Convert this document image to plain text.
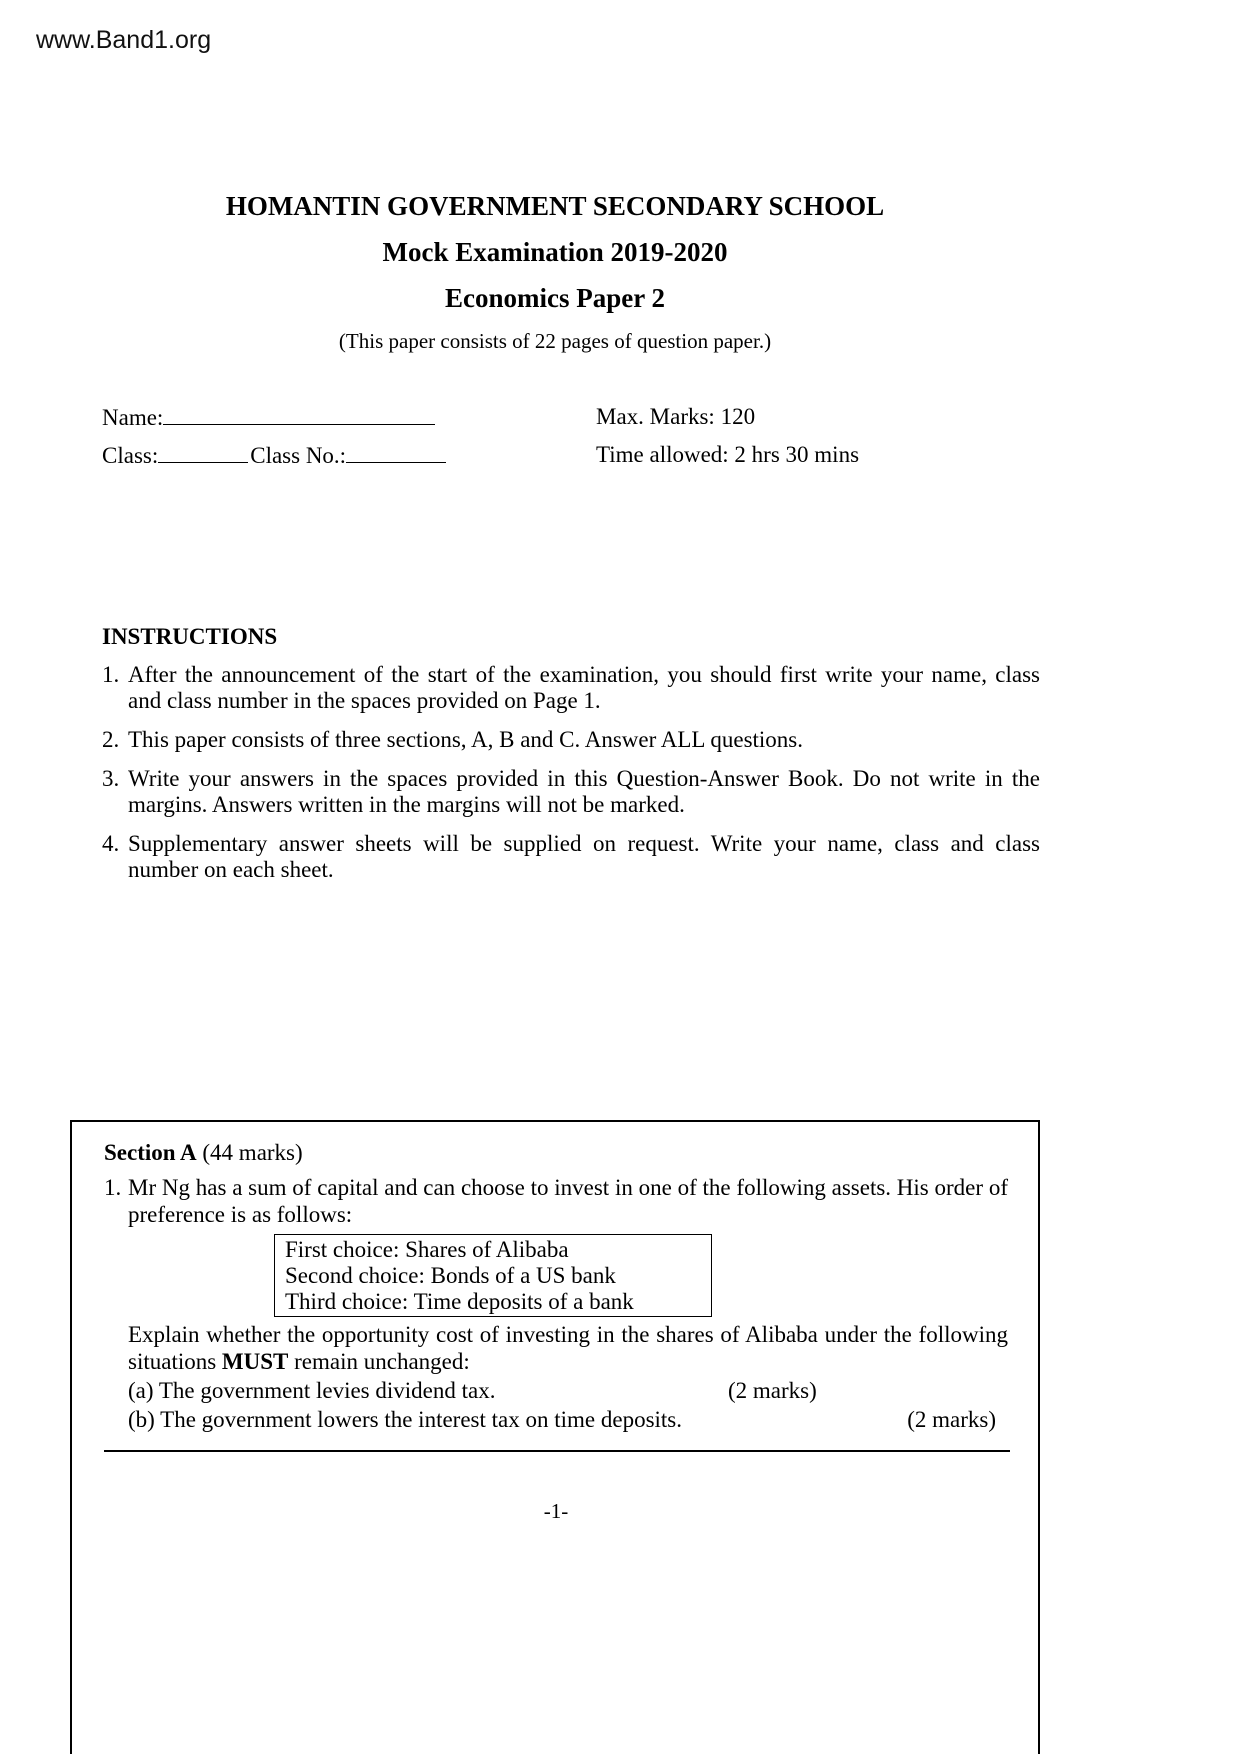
www.Band1.org
HOMANTIN GOVERNMENT SECONDARY SCHOOL
Mock Examination 2019-2020
Economics Paper 2
(This paper consists of 22 pages of question paper.)
Name:
Class:	Class No.:
Max. Marks: 120
Time allowed: 2 hrs 30 mins
INSTRUCTIONS
1. After the announcement of the start of the examination, you should first write your name, class and class number in the spaces provided on Page 1.
2. This paper consists of three sections, A, B and C. Answer ALL questions.
3. Write your answers in the spaces provided in this Question-Answer Book. Do not write in the margins. Answers written in the margins will not be marked.
4. Supplementary answer sheets will be supplied on request. Write your name, class and class number on each sheet.
Section A (44 marks)
1. Mr Ng has a sum of capital and can choose to invest in one of the following assets. His order of preference is as follows:
First choice: Shares of Alibaba
Second choice: Bonds of a US bank
Third choice: Time deposits of a bank
Explain whether the opportunity cost of investing in the shares of Alibaba under the following situations MUST remain unchanged:
(a) The government levies dividend tax.	(2 marks)
(b) The government lowers the interest tax on time deposits.	(2 marks)
-1-
